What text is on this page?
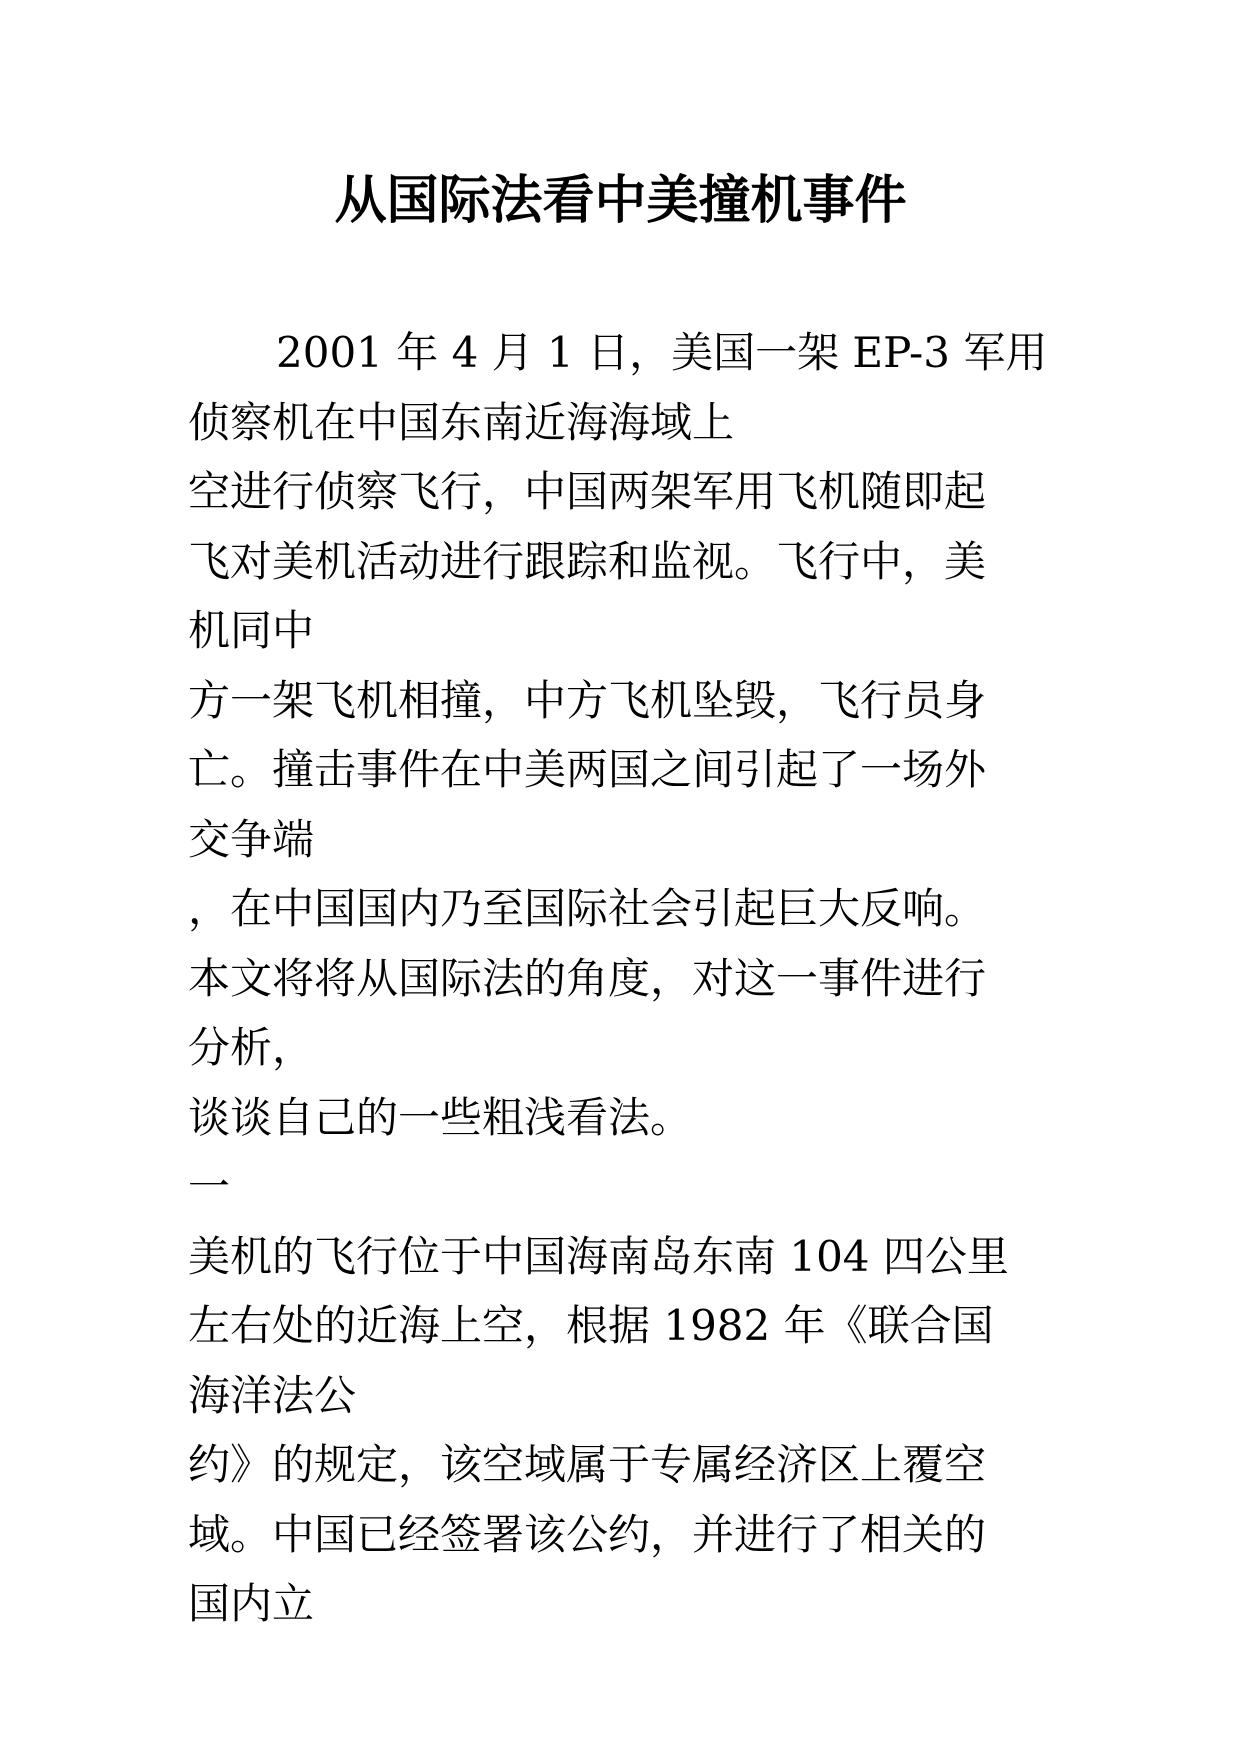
从国际法看中美撞机事件
2001 年 4 月 1 日，美国一架 EP-3 军用
侦察机在中国东南近海海域上
空进行侦察飞行，中国两架军用飞机随即起
飞对美机活动进行跟踪和监视。飞行中，美
机同中
方一架飞机相撞，中方飞机坠毁，飞行员身
亡。撞击事件在中美两国之间引起了一场外
交争端
，在中国国内乃至国际社会引起巨大反响。
本文将将从国际法的角度，对这一事件进行
分析，
谈谈自己的一些粗浅看法。
一
美机的飞行位于中国海南岛东南 104 四公里
左右处的近海上空，根据 1982 年《联合国
海洋法公
约》的规定，该空域属于专属经济区上覆空
域。中国已经签署该公约，并进行了相关的
国内立
